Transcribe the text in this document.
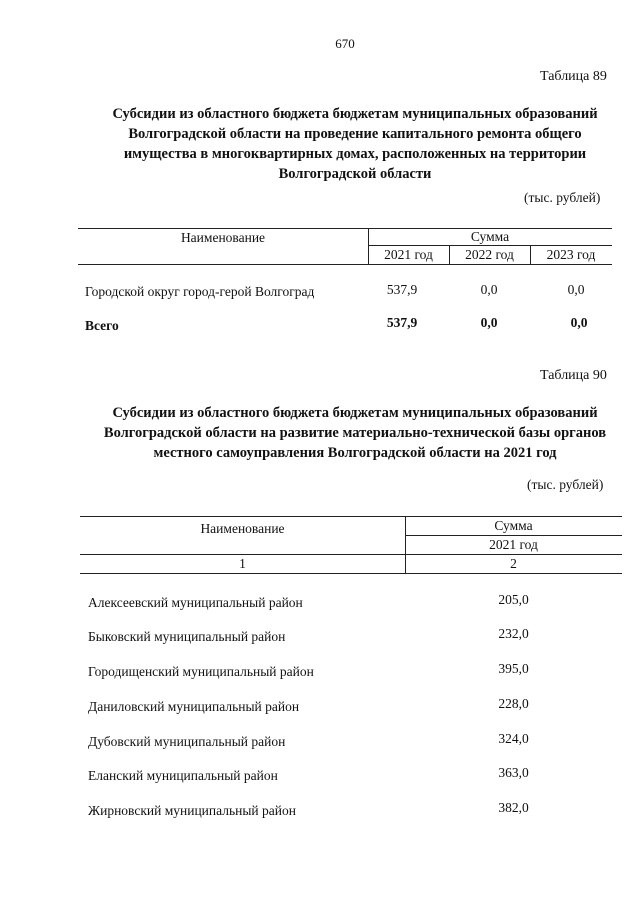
670
Таблица 89
Субсидии из областного бюджета бюджетам муниципальных образований
Волгоградской области на проведение капитального ремонта общего
имущества в многоквартирных домах, расположенных на территории
Волгоградской области
(тыс. рублей)
Наименование	Сумма
2021 год	2022 год	2023 год
Городской округ город-герой Волгоград	537,9	0,0	0,0
Всего	537,9	0,0	0,0
Таблица 90
Субсидии из областного бюджета бюджетам муниципальных образований
Волгоградской области на развитие материально-технической базы органов
местного самоуправления Волгоградской области на 2021 год
(тыс. рублей)
Наименование	Сумма
2021 год
1	2
Алексеевский муниципальный район	205,0
Быковский муниципальный район	232,0
Городищенский муниципальный район	395,0
Даниловский муниципальный район	228,0
Дубовский муниципальный район	324,0
Еланский муниципальный район	363,0
Жирновский муниципальный район	382,0
